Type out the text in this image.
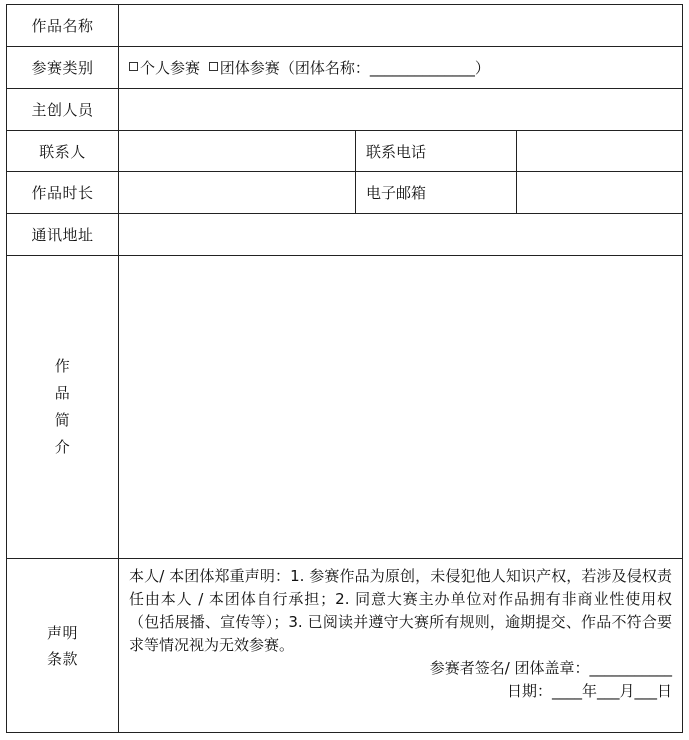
作品名称			
参赛类别	个人参赛 团体参赛（团体名称：______________）		
主创人员			
联系人		联系电话	
作品时长		电子邮箱	
通讯地址			

作
品
简
介			

声明
条款	本人/ 本团体郑重声明：1. 参赛作品为原创，未侵犯他人知识产权，若涉及侵权责任由本人 / 本团体自行承担；2. 同意大赛主办单位对作品拥有非商业性使用权（包括展播、宣传等）；3. 已阅读并遵守大赛所有规则，逾期提交、作品不符合要求等情况视为无效参赛。
参赛者签名/ 团体盖章：___________
日期：____年___月___日		
